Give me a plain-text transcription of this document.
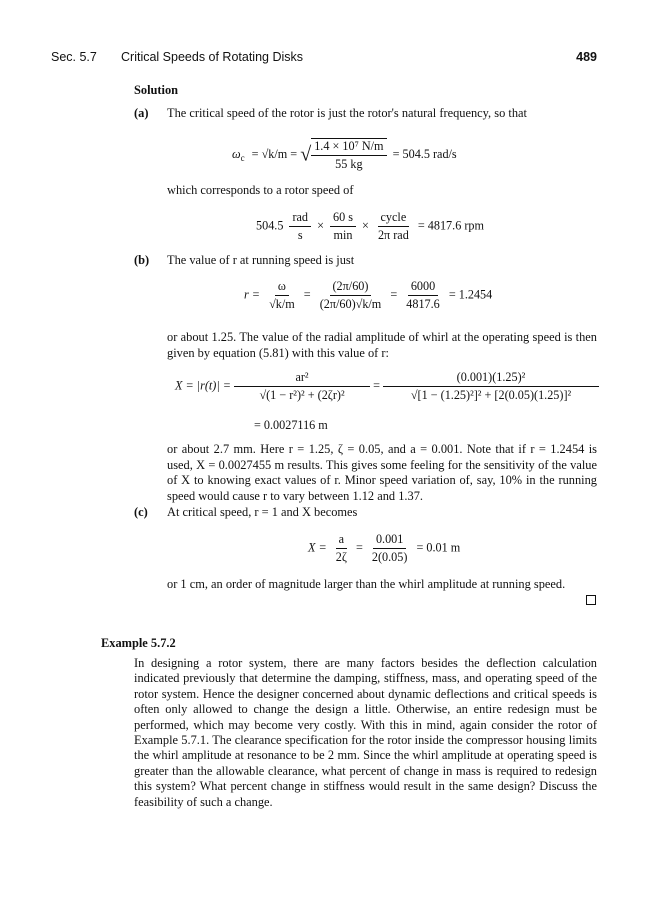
Sec. 5.7 Critical Speeds of Rotating Disks	489
Solution
(a) The critical speed of the rotor is just the rotor's natural frequency, so that
$\omega_c = √k/m$ = √ $\frac{\text{1.4 × 10⁷ N/m}}{55 kg} = 504.5$ rad/s
which corresponds to a rotor speed of
$504.5 \frac{\text{rad}}{s} \times \frac{60 s}{\min} \times \frac{\text{cycle}}{\text{2π rad}} = 4817.6$ rpm
(b) The value of r at running speed is just
$r = \frac{\omega}{√k/m} = \frac{(2\pi/60)}{(2\pi/60)√k/m} = \frac{6000}{4817.6} = 1.2454$
or about 1.25. The value of the radial amplitude of whirl at the operating speed is then given by equation (5.81) with this value of r:
$X = |r(t)| = \frac{\text{ar²}}{\text{√(1 − r²)² + (2ζr)²}} = \frac{\text{(0.001)(1.25)²}}{\text{√[1 − (1.25)²]² + [2(0.05)(1.25)]²}}$
= 0.0027116 m
or about 2.7 mm. Here r = 1.25, ζ = 0.05, and a = 0.001. Note that if r = 1.2454 is used, X = 0.0027455 m results. This gives some feeling for the sensitivity of the value of X to knowing exact values of r. Minor speed variation of, say, 10% in the running speed would cause r to vary between 1.12 and 1.37.
(c) At critical speed, r = 1 and X becomes
$X = \frac{a}{2\zeta} = \frac{0.001}{2(0.05)} = 0.01$ m
or 1 cm, an order of magnitude larger than the whirl amplitude at running speed.
Example 5.7.2
In designing a rotor system, there are many factors besides the deflection calculation indicated previously that determine the damping, stiffness, mass, and operating speed of the rotor system. Hence the designer concerned about dynamic deflections and critical speeds is often only allowed to change the design a little. Otherwise, an entire redesign must be performed, which may become very costly. With this in mind, again consider the rotor of Example 5.7.1. The clearance specification for the rotor inside the compressor housing limits the whirl amplitude at resonance to be 2 mm. Since the whirl amplitude at operating speed is greater than the allowable clearance, what percent of change in mass is required to redesign this system? What percent change in stiffness would result in the same design? Discuss the feasibility of such a change.
